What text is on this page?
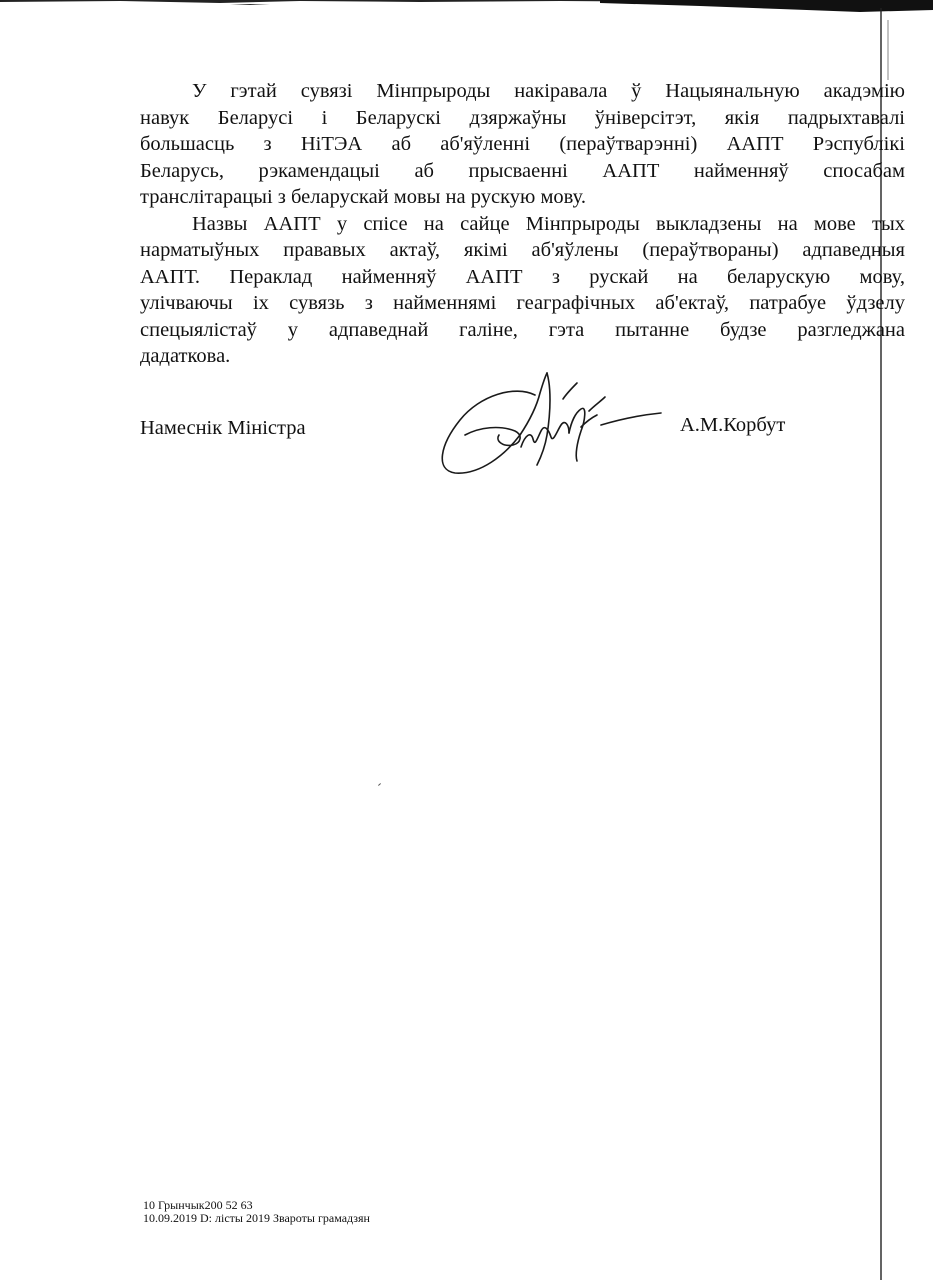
У гэтай сувязі Мінпрыроды накіравала ў Нацыянальную акадэмію
навук Беларусі і Беларускі дзяржаўны ўніверсітэт, якія падрыхтавалі
большасць з НіТЭА аб аб'яўленні (пераўтварэнні) ААПТ Рэспублікі
Беларусь, рэкамендацыі аб прысваенні ААПТ найменняў спосабам
транслітарацыі з беларускай мовы на рускую мову.

Назвы ААПТ у спісе на сайце Мінпрыроды выкладзены на мове тых
нарматыўных прававых актаў, якімі аб'яўлены (пераўтвораны) адпаведныя
ААПТ. Пераклад найменняў ААПТ з рускай на беларускую мову,
улічваючы іх сувязь з найменнямі геаграфічных аб'ектаў, патрабуе ўдзелу
спецыялістаў у адпаведнай галіне, гэта пытанне будзе разгледжана
дадаткова.

Намеснік Міністра	А.М.Корбут
10 Грынчык200 52 63
10.09.2019 D: лісты 2019 Звароты грамадзян
